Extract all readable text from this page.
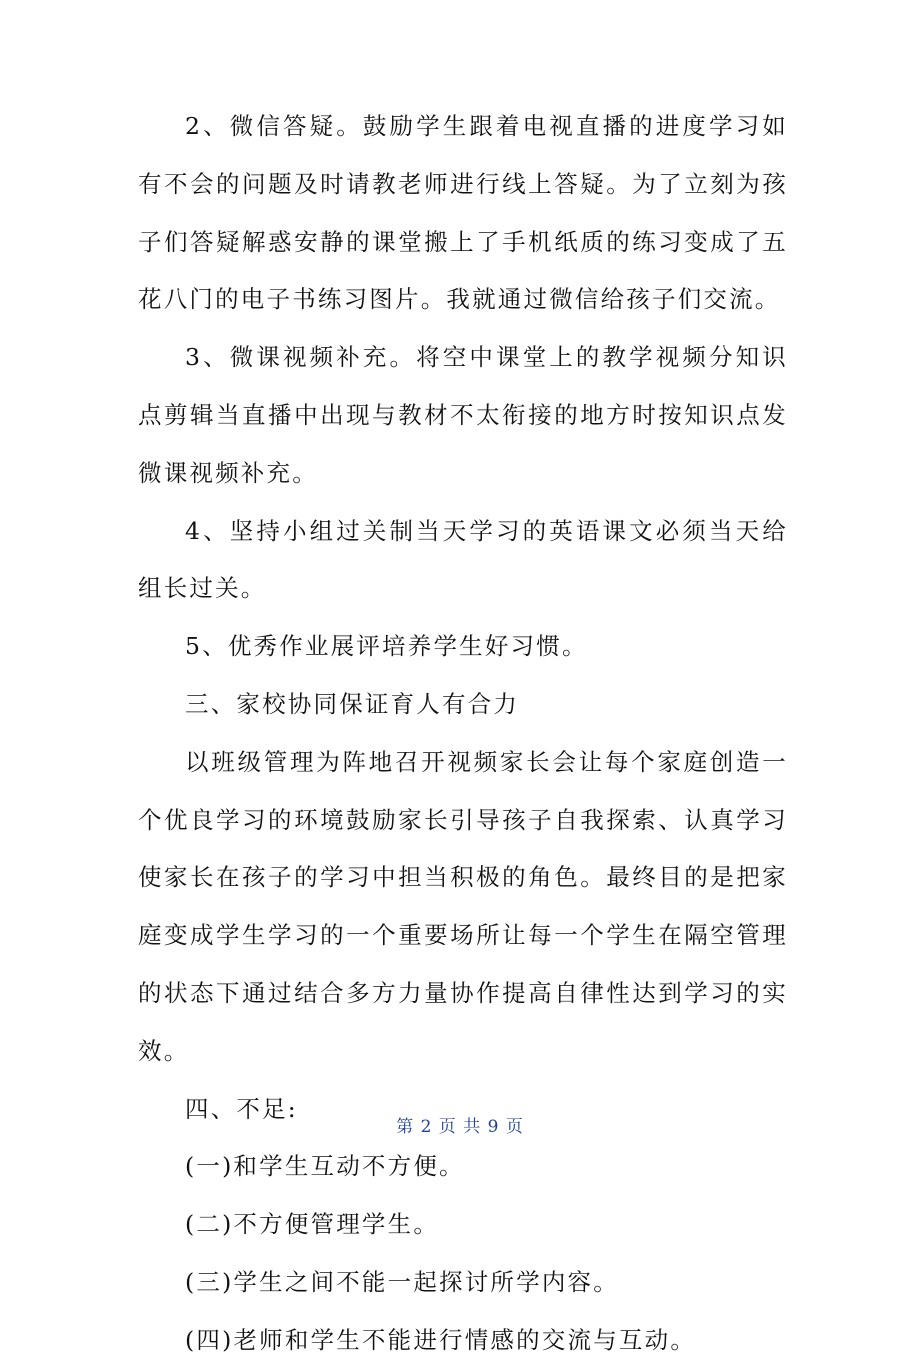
2、微信答疑。鼓励学生跟着电视直播的进度学习如有不会的问题及时请教老师进行线上答疑。为了立刻为孩子们答疑解惑安静的课堂搬上了手机纸质的练习变成了五花八门的电子书练习图片。我就通过微信给孩子们交流。

3、微课视频补充。将空中课堂上的教学视频分知识点剪辑当直播中出现与教材不太衔接的地方时按知识点发微课视频补充。

4、坚持小组过关制当天学习的英语课文必须当天给组长过关。

5、优秀作业展评培养学生好习惯。

三、家校协同保证育人有合力

以班级管理为阵地召开视频家长会让每个家庭创造一个优良学习的环境鼓励家长引导孩子自我探索、认真学习使家长在孩子的学习中担当积极的角色。最终目的是把家庭变成学生学习的一个重要场所让每一个学生在隔空管理的状态下通过结合多方力量协作提高自律性达到学习的实效。

四、不足:

(一)和学生互动不方便。

(二)不方便管理学生。

(三)学生之间不能一起探讨所学内容。

(四)老师和学生不能进行情感的交流与互动。

第 2 页 共 9 页
